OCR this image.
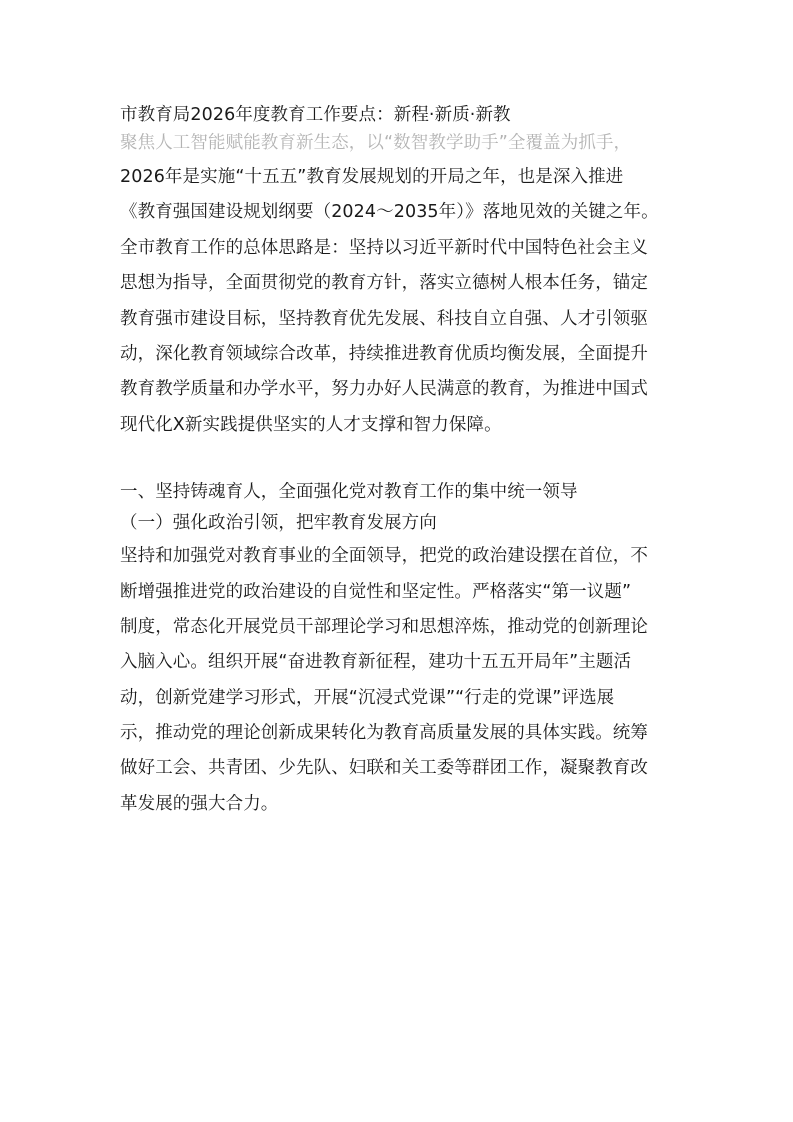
市教育局2026年度教育工作要点：新程·新质·新教
聚焦人工智能赋能教育新生态，以“数智教学助手”全覆盖为抓手，
2026年是实施“十五五”教育发展规划的开局之年，也是深入推进
《教育强国建设规划纲要（2024～2035年）》落地见效的关键之年。
全市教育工作的总体思路是：坚持以习近平新时代中国特色社会主义
思想为指导，全面贯彻党的教育方针，落实立德树人根本任务，锚定
教育强市建设目标，坚持教育优先发展、科技自立自强、人才引领驱
动，深化教育领域综合改革，持续推进教育优质均衡发展，全面提升
教育教学质量和办学水平，努力办好人民满意的教育，为推进中国式
现代化X新实践提供坚实的人才支撑和智力保障。
一、坚持铸魂育人，全面强化党对教育工作的集中统一领导
（一）强化政治引领，把牢教育发展方向
坚持和加强党对教育事业的全面领导，把党的政治建设摆在首位，不
断增强推进党的政治建设的自觉性和坚定性。严格落实“第一议题”
制度，常态化开展党员干部理论学习和思想淬炼，推动党的创新理论
入脑入心。组织开展“奋进教育新征程，建功十五五开局年”主题活
动，创新党建学习形式，开展“沉浸式党课”“行走的党课”评选展
示，推动党的理论创新成果转化为教育高质量发展的具体实践。统筹
做好工会、共青团、少先队、妇联和关工委等群团工作，凝聚教育改
革发展的强大合力。
